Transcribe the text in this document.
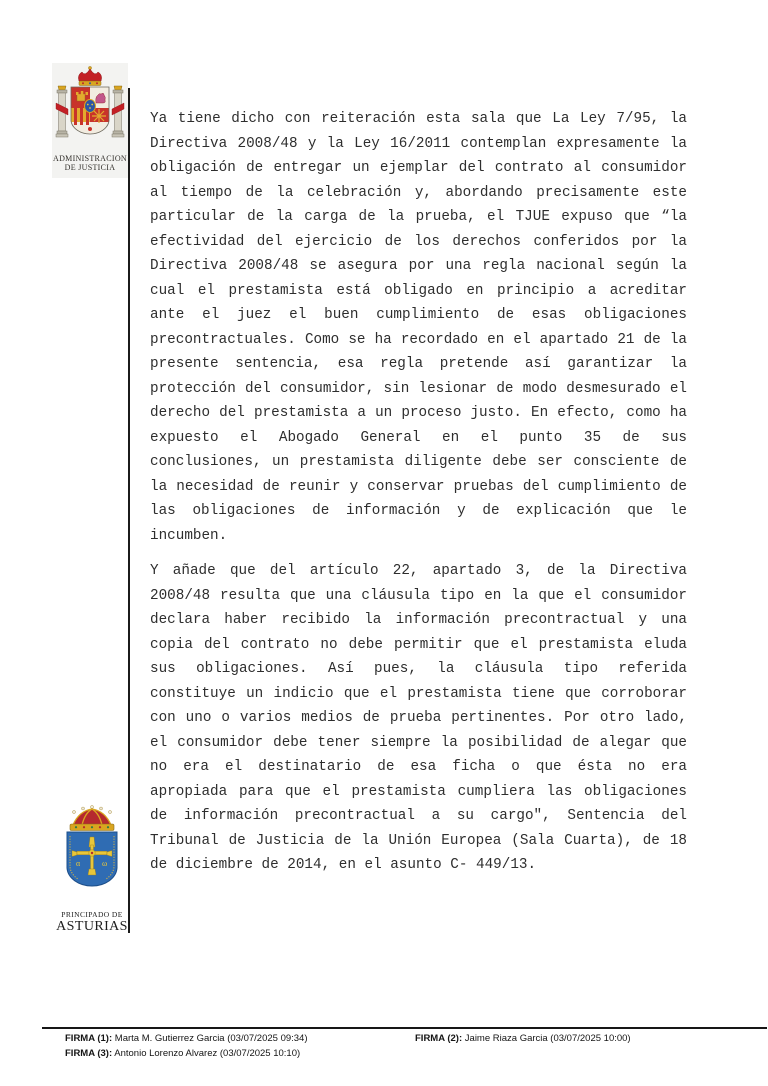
ADMINISTRACION
DE JUSTICIA
Ya tiene dicho con reiteración esta sala que La Ley 7/95, la
Directiva 2008/48 y la Ley 16/2011 contemplan expresamente la
obligación de entregar un ejemplar del contrato al consumidor
al tiempo de la celebración y, abordando precisamente este
particular de la carga de la prueba, el TJUE expuso que “la
efectividad del ejercicio de los derechos conferidos por la
Directiva 2008/48 se asegura por una regla nacional según la
cual el prestamista está obligado en principio a acreditar
ante el juez el buen cumplimiento de esas obligaciones
precontractuales. Como se ha recordado en el apartado 21 de la
presente sentencia, esa regla pretende así garantizar la
protección del consumidor, sin lesionar de modo desmesurado el
derecho del prestamista a un proceso justo. En efecto, como ha
expuesto el Abogado General en el punto 35 de sus
conclusiones, un prestamista diligente debe ser consciente de
la necesidad de reunir y conservar pruebas del cumplimiento de
las obligaciones de información y de explicación que le
incumben.
Y añade que del artículo 22, apartado 3, de la Directiva
2008/48 resulta que una cláusula tipo en la que el consumidor
declara haber recibido la información precontractual y una
copia del contrato no debe permitir que el prestamista eluda
sus obligaciones. Así pues, la cláusula tipo referida
constituye un indicio que el prestamista tiene que corroborar
con uno o varios medios de prueba pertinentes. Por otro lado,
el consumidor debe tener siempre la posibilidad de alegar que
no era el destinatario de esa ficha o que ésta no era
apropiada para que el prestamista cumpliera las obligaciones
de información precontractual a su cargo", Sentencia del
Tribunal de Justicia de la Unión Europea (Sala Cuarta), de 18
de diciembre de 2014, en el asunto C- 449/13.
α	ω
PRINCIPADO DE
ASTURIAS
FIRMA (1): Marta M. Gutierrez Garcia (03/07/2025 09:34)	FIRMA (2): Jaime Riaza Garcia (03/07/2025 10:00)
FIRMA (3): Antonio Lorenzo Alvarez (03/07/2025 10:10)
